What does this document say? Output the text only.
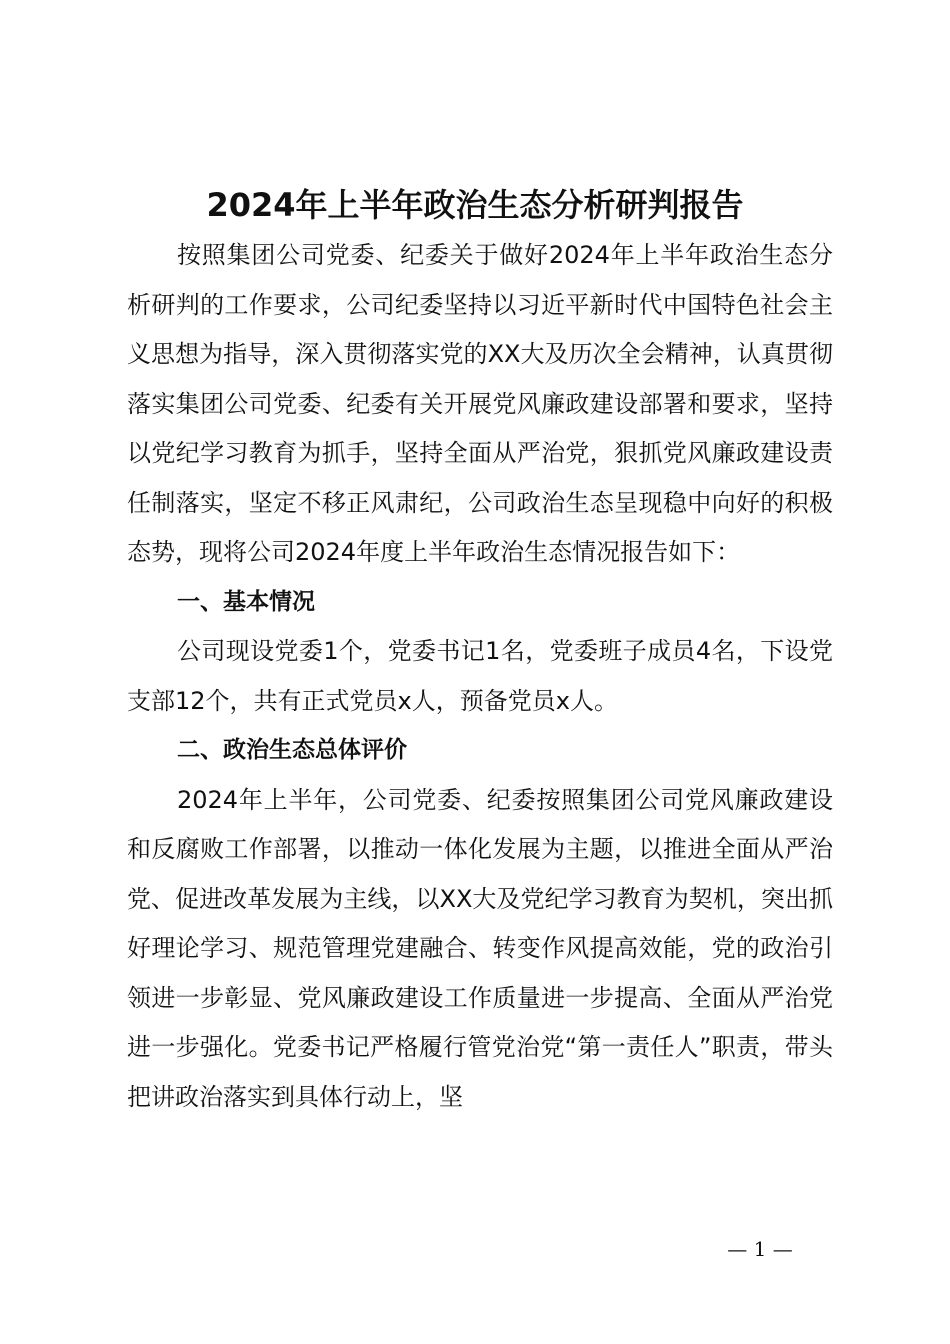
2024年上半年政治生态分析研判报告

按照集团公司党委、纪委关于做好2024年上半年政治生态分析研判的工作要求，公司纪委坚持以习近平新时代中国特色社会主义思想为指导，深入贯彻落实党的XX大及历次全会精神，认真贯彻落实集团公司党委、纪委有关开展党风廉政建设部署和要求，坚持以党纪学习教育为抓手，坚持全面从严治党，狠抓党风廉政建设责任制落实，坚定不移正风肃纪，公司政治生态呈现稳中向好的积极态势，现将公司2024年度上半年政治生态情况报告如下：

一、基本情况

公司现设党委1个，党委书记1名，党委班子成员4名，下设党支部12个，共有正式党员x人，预备党员x人。

二、政治生态总体评价

2024年上半年，公司党委、纪委按照集团公司党风廉政建设和反腐败工作部署，以推动一体化发展为主题，以推进全面从严治党、促进改革发展为主线，以XX大及党纪学习教育为契机，突出抓好理论学习、规范管理党建融合、转变作风提高效能，党的政治引领进一步彰显、党风廉政建设工作质量进一步提高、全面从严治党进一步强化。党委书记严格履行管党治党“第一责任人”职责，带头把讲政治落实到具体行动上，坚

— 1 —
